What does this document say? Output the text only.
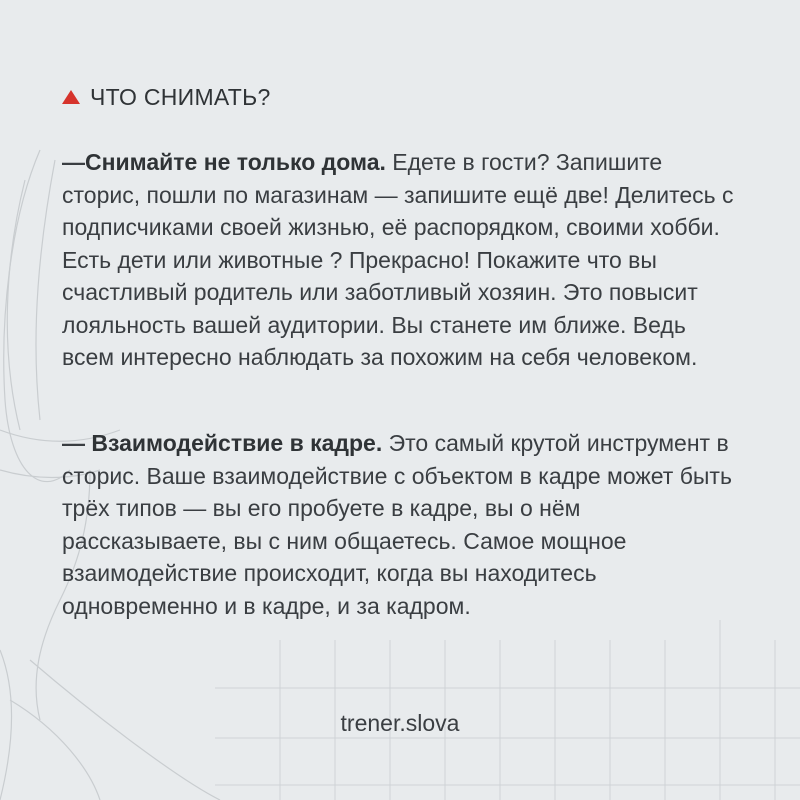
ЧТО СНИМАТЬ?
—Снимайте не только дома. Едете в гости? Запишите сторис, пошли по магазинам — запишите ещё две! Делитесь с подписчиками своей жизнью, её распорядком, своими хобби. Есть дети или животные ? Прекрасно! Покажите что вы счастливый родитель или заботливый хозяин. Это повысит лояльность вашей аудитории. Вы станете им ближе. Ведь всем интересно наблюдать за похожим на себя человеком.
— Взаимодействие в кадре. Это самый крутой инструмент в сторис. Ваше взаимодействие с объектом в кадре может быть трёх типов — вы его пробуете в кадре, вы о нём рассказываете, вы с ним общаетесь. Самое мощное взаимодействие происходит, когда вы находитесь одновременно и в кадре, и за кадром.
trener.slova
